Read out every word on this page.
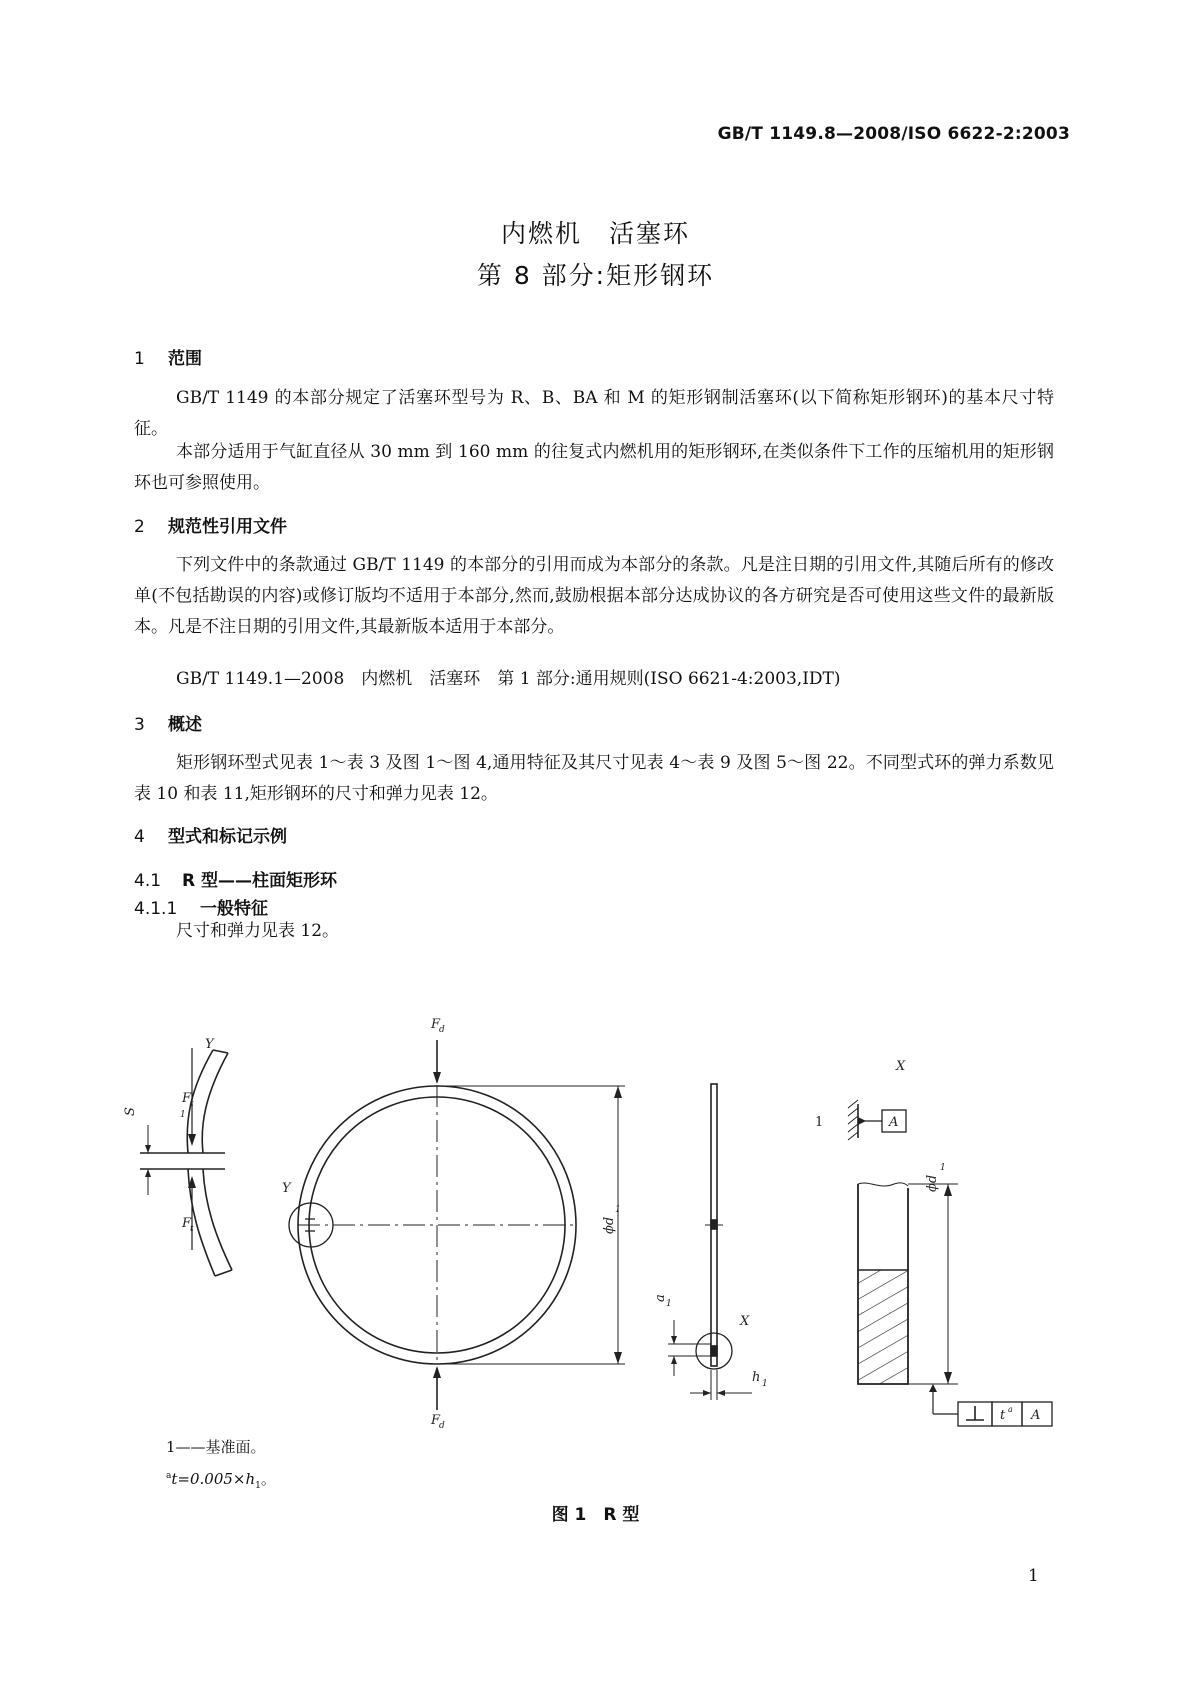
GB/T 1149.8—2008/ISO 6622-2:2003
内燃机　活塞环
第 8 部分:矩形钢环
1 范围
GB/T 1149 的本部分规定了活塞环型号为 R、B、BA 和 M 的矩形钢制活塞环(以下简称矩形钢环)的基本尺寸特征。
本部分适用于气缸直径从 30 mm 到 160 mm 的往复式内燃机用的矩形钢环,在类似条件下工作的压缩机用的矩形钢环也可参照使用。
2 规范性引用文件
下列文件中的条款通过 GB/T 1149 的本部分的引用而成为本部分的条款。凡是注日期的引用文件,其随后所有的修改单(不包括勘误的内容)或修订版均不适用于本部分,然而,鼓励根据本部分达成协议的各方研究是否可使用这些文件的最新版本。凡是不注日期的引用文件,其最新版本适用于本部分。
GB/T 1149.1—2008　内燃机　活塞环　第 1 部分:通用规则(ISO 6621-4:2003,IDT)
3 概述
矩形钢环型式见表 1～表 3 及图 1～图 4,通用特征及其尺寸见表 4～表 9 及图 5～图 22。不同型式环的弹力系数见表 10 和表 11,矩形钢环的尺寸和弹力见表 12。
4 型式和标记示例
4.1 R 型——柱面矩形环
4.1.1 一般特征
尺寸和弹力见表 12。
Y
S	1
F
t
F
t
F
d
Y
F
d
ϕd
1
X
a
1
h 1
X
A
1
ϕd
1
t a A
1——基准面。
$^at=0.005\times h_1$。
图 1　R 型
1
